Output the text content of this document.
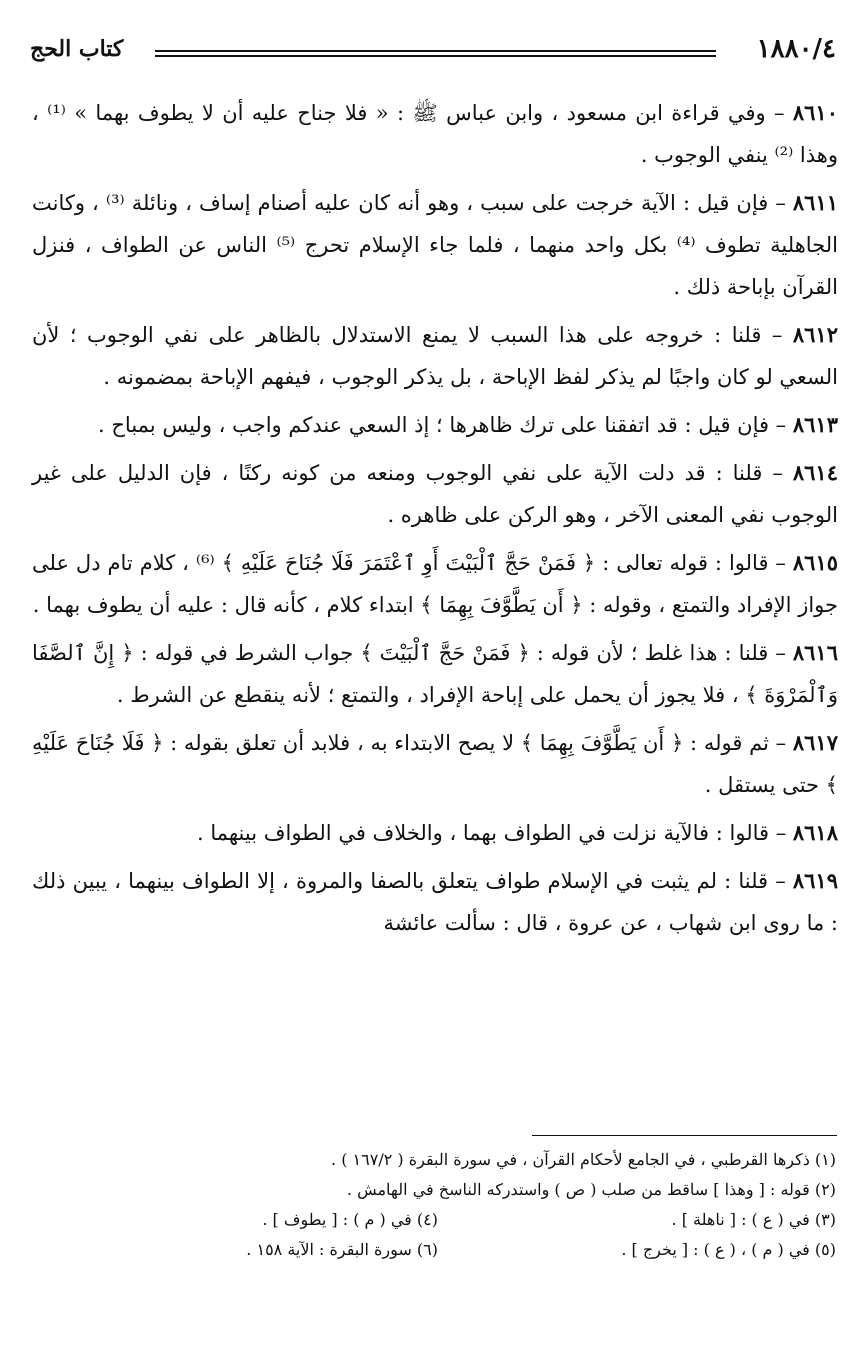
كتاب الحج	١٨٨٠/٤

٨٦١٠ – وفي قراءة ابن مسعود ، وابن عباس ﷺ : « فلا جناح عليه أن لا يطوف بهما » ⁽¹⁾ ، وهذا ⁽²⁾ ينفي الوجوب .

٨٦١١ – فإن قيل : الآية خرجت على سبب ، وهو أنه كان عليه أصنام إساف ، ونائلة ⁽³⁾ ، وكانت الجاهلية تطوف ⁽⁴⁾ بكل واحد منهما ، فلما جاء الإسلام تحرج ⁽⁵⁾ الناس عن الطواف ، فنزل القرآن بإباحة ذلك .

٨٦١٢ – قلنا : خروجه على هذا السبب لا يمنع الاستدلال بالظاهر على نفي الوجوب ؛ لأن السعي لو كان واجبًا لم يذكر لفظ الإباحة ، بل يذكر الوجوب ، فيفهم الإباحة بمضمونه .

٨٦١٣ – فإن قيل : قد اتفقنا على ترك ظاهرها ؛ إذ السعي عندكم واجب ، وليس بمباح .

٨٦١٤ – قلنا : قد دلت الآية على نفي الوجوب ومنعه من كونه ركنًا ، فإن الدليل على غير الوجوب نفي المعنى الآخر ، وهو الركن على ظاهره .

٨٦١٥ – قالوا : قوله تعالى : ﴿ فَمَنْ حَجَّ ٱلْبَيْتَ أَوِ ٱعْتَمَرَ فَلَا جُنَاحَ عَلَيْهِ ﴾ ⁽⁶⁾ ، كلام تام دل على جواز الإفراد والتمتع ، وقوله : ﴿ أَن يَطَّوَّفَ بِهِمَا ﴾ ابتداء كلام ، كأنه قال : عليه أن يطوف بهما .

٨٦١٦ – قلنا : هذا غلط ؛ لأن قوله : ﴿ فَمَنْ حَجَّ ٱلْبَيْتَ ﴾ جواب الشرط في قوله : ﴿ إِنَّ ٱلصَّفَا وَٱلْمَرْوَةَ ﴾ ، فلا يجوز أن يحمل على إباحة الإفراد ، والتمتع ؛ لأنه ينقطع عن الشرط .

٨٦١٧ – ثم قوله : ﴿ أَن يَطَّوَّفَ بِهِمَا ﴾ لا يصح الابتداء به ، فلابد أن تعلق بقوله : ﴿ فَلَا جُنَاحَ عَلَيْهِ ﴾ حتى يستقل .

٨٦١٨ – قالوا : فالآية نزلت في الطواف بهما ، والخلاف في الطواف بينهما .

٨٦١٩ – قلنا : لم يثبت في الإسلام طواف يتعلق بالصفا والمروة ، إلا الطواف بينهما ، يبين ذلك : ما روى ابن شهاب ، عن عروة ، قال : سألت عائشة

(١) ذكرها القرطبي ، في الجامع لأحكام القرآن ، في سورة البقرة ( ١٦٧/٢ ) .
(٢) قوله : [ وهذا ] ساقط من صلب ( ص ) واستدركه الناسخ في الهامش .
(٣) في ( ع ) : [ ناهلة ] .
(٤) في ( م ) : [ يطوف ] .
(٥) في ( م ) ، ( ع ) : [ يخرج ] .
(٦) سورة البقرة : الآية ١٥٨ .
